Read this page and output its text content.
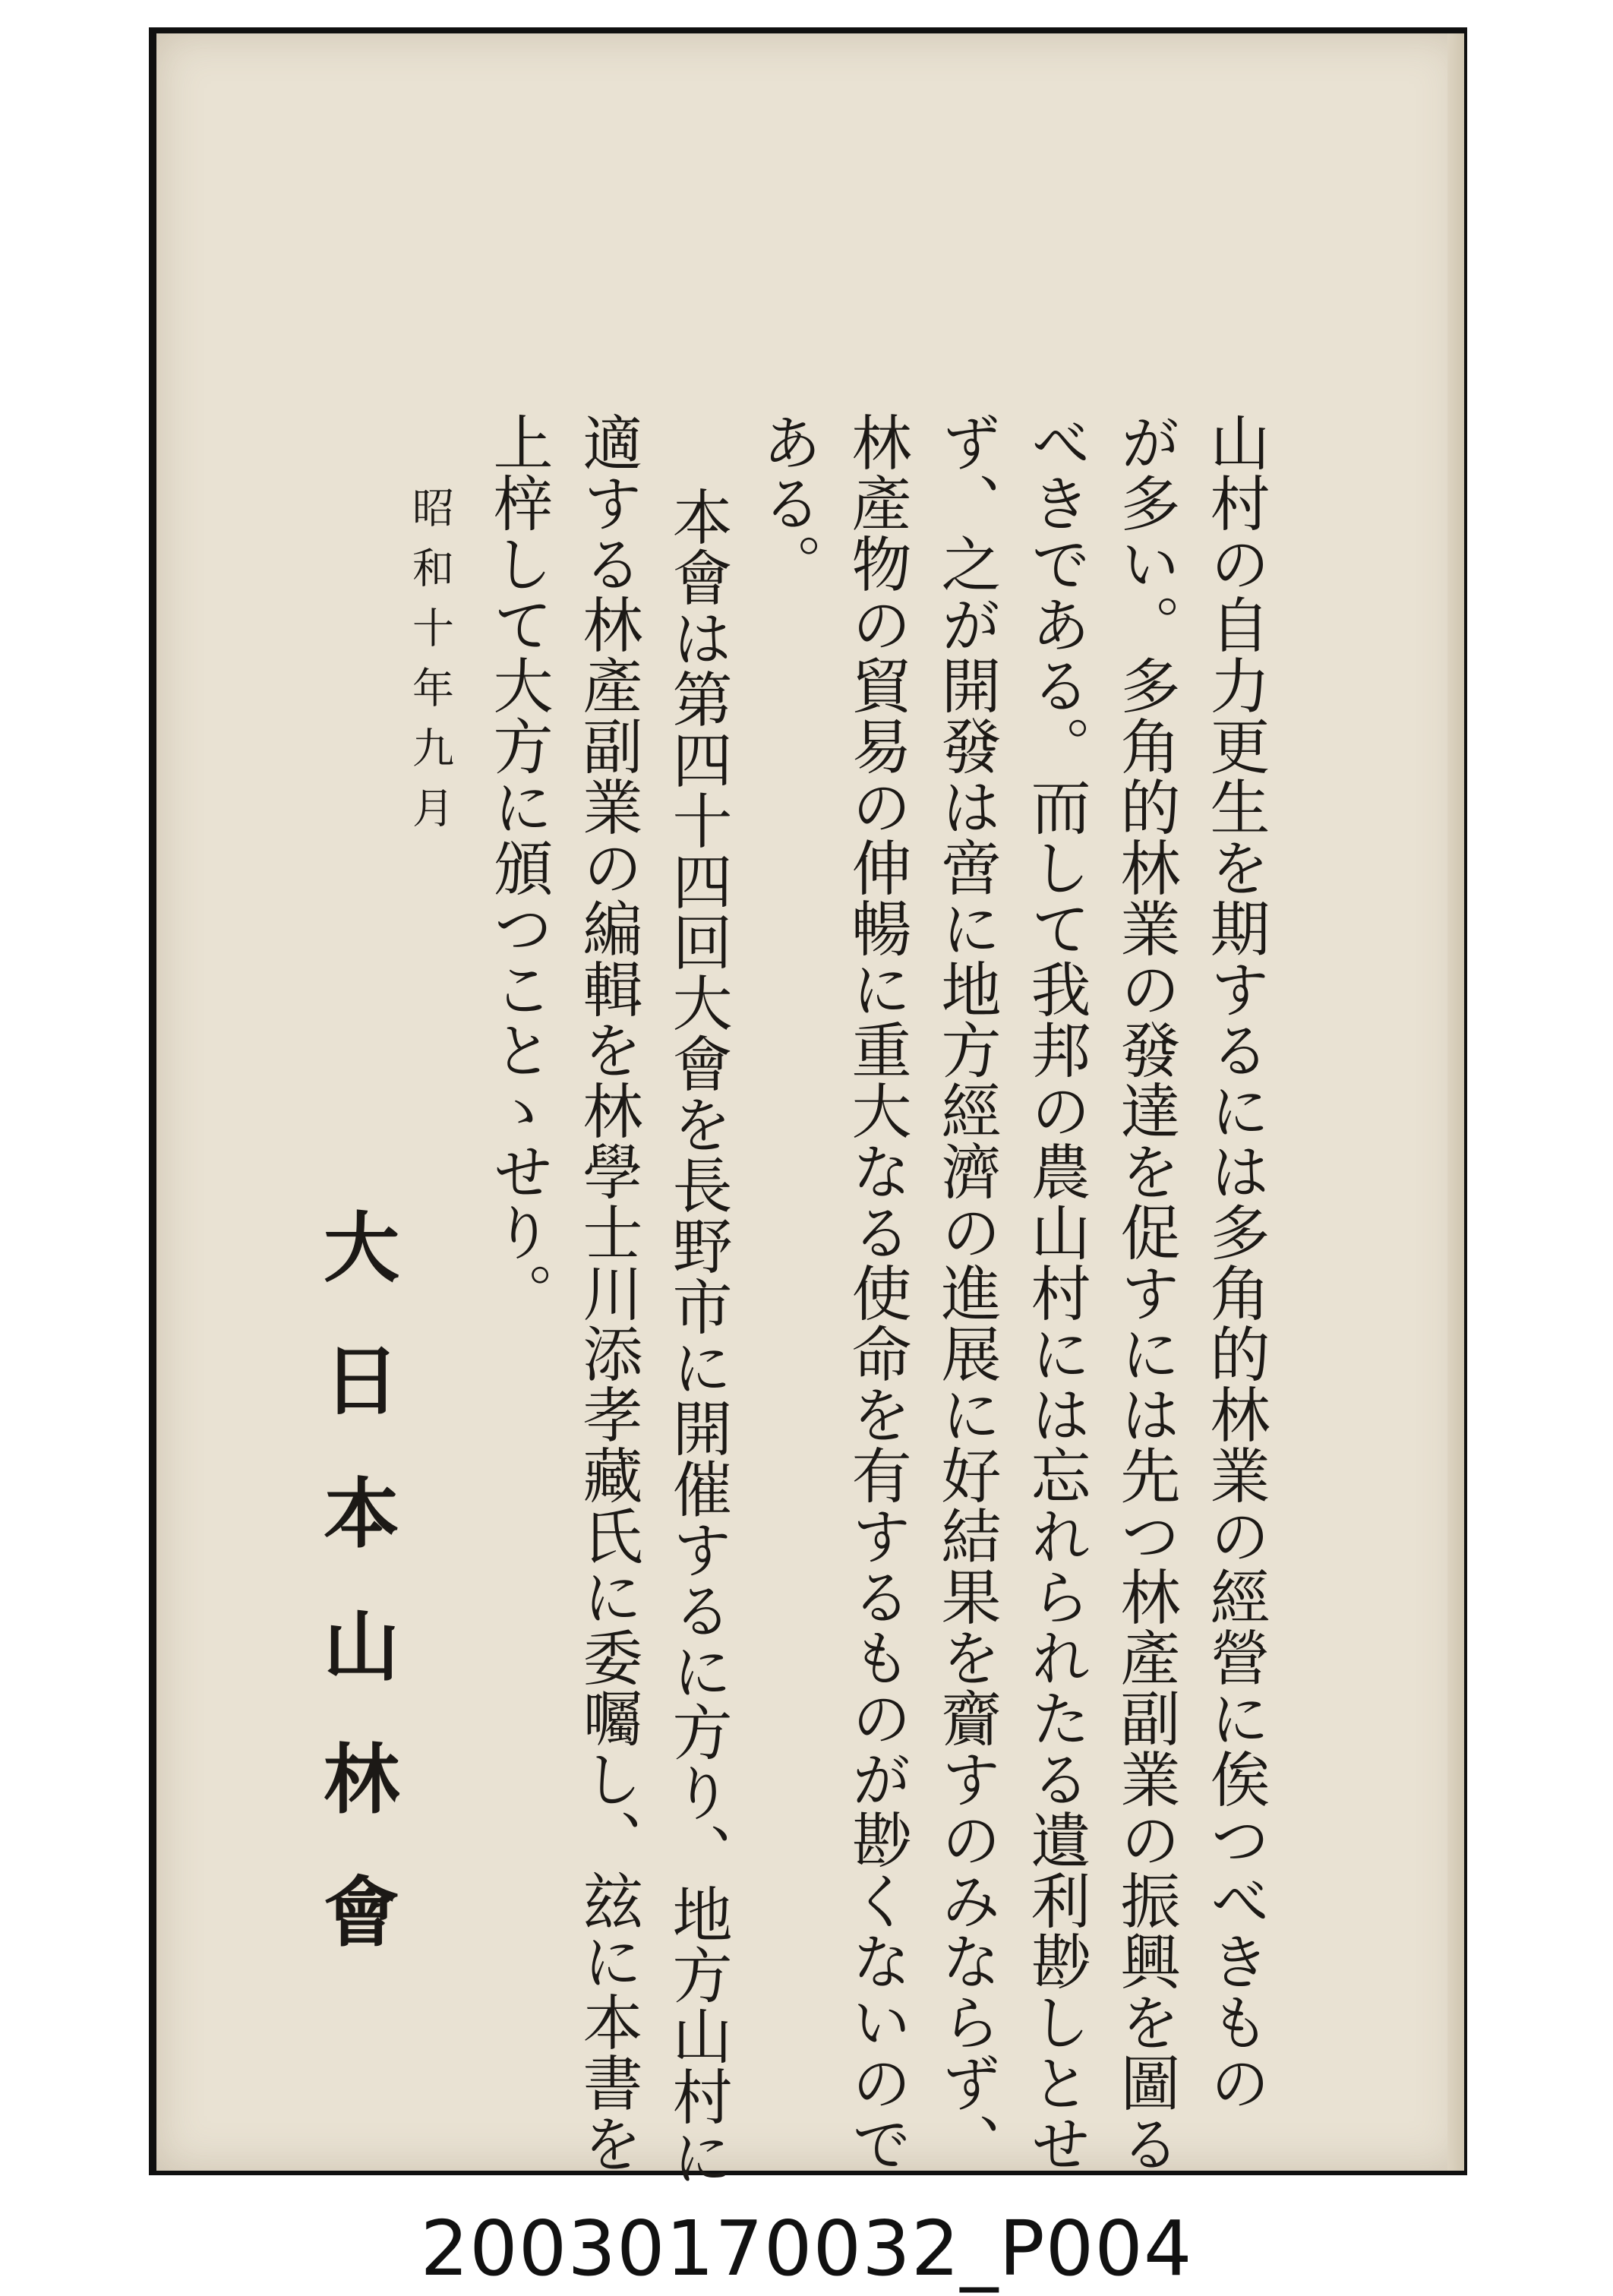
山村の自力更生を期するには多角的林業の經營に俟つべきもの
が多い。多角的林業の發達を促すには先つ林產副業の振興を圖る
べきである。而して我邦の農山村には忘れられたる遺利尠しとせ
ず、之が開發は啻に地方經濟の進展に好結果を齎すのみならず、
林產物の貿易の伸暢に重大なる使命を有するものが尠くないので
ある。
本會は第四十四回大會を長野市に開催するに方り、地方山村に
適する林產副業の編輯を林學士川添孝藏氏に委囑し、玆に本書を
上梓して大方に頒つことゝせり。
昭和十年九月
大日本山林會
20030170032_P004
